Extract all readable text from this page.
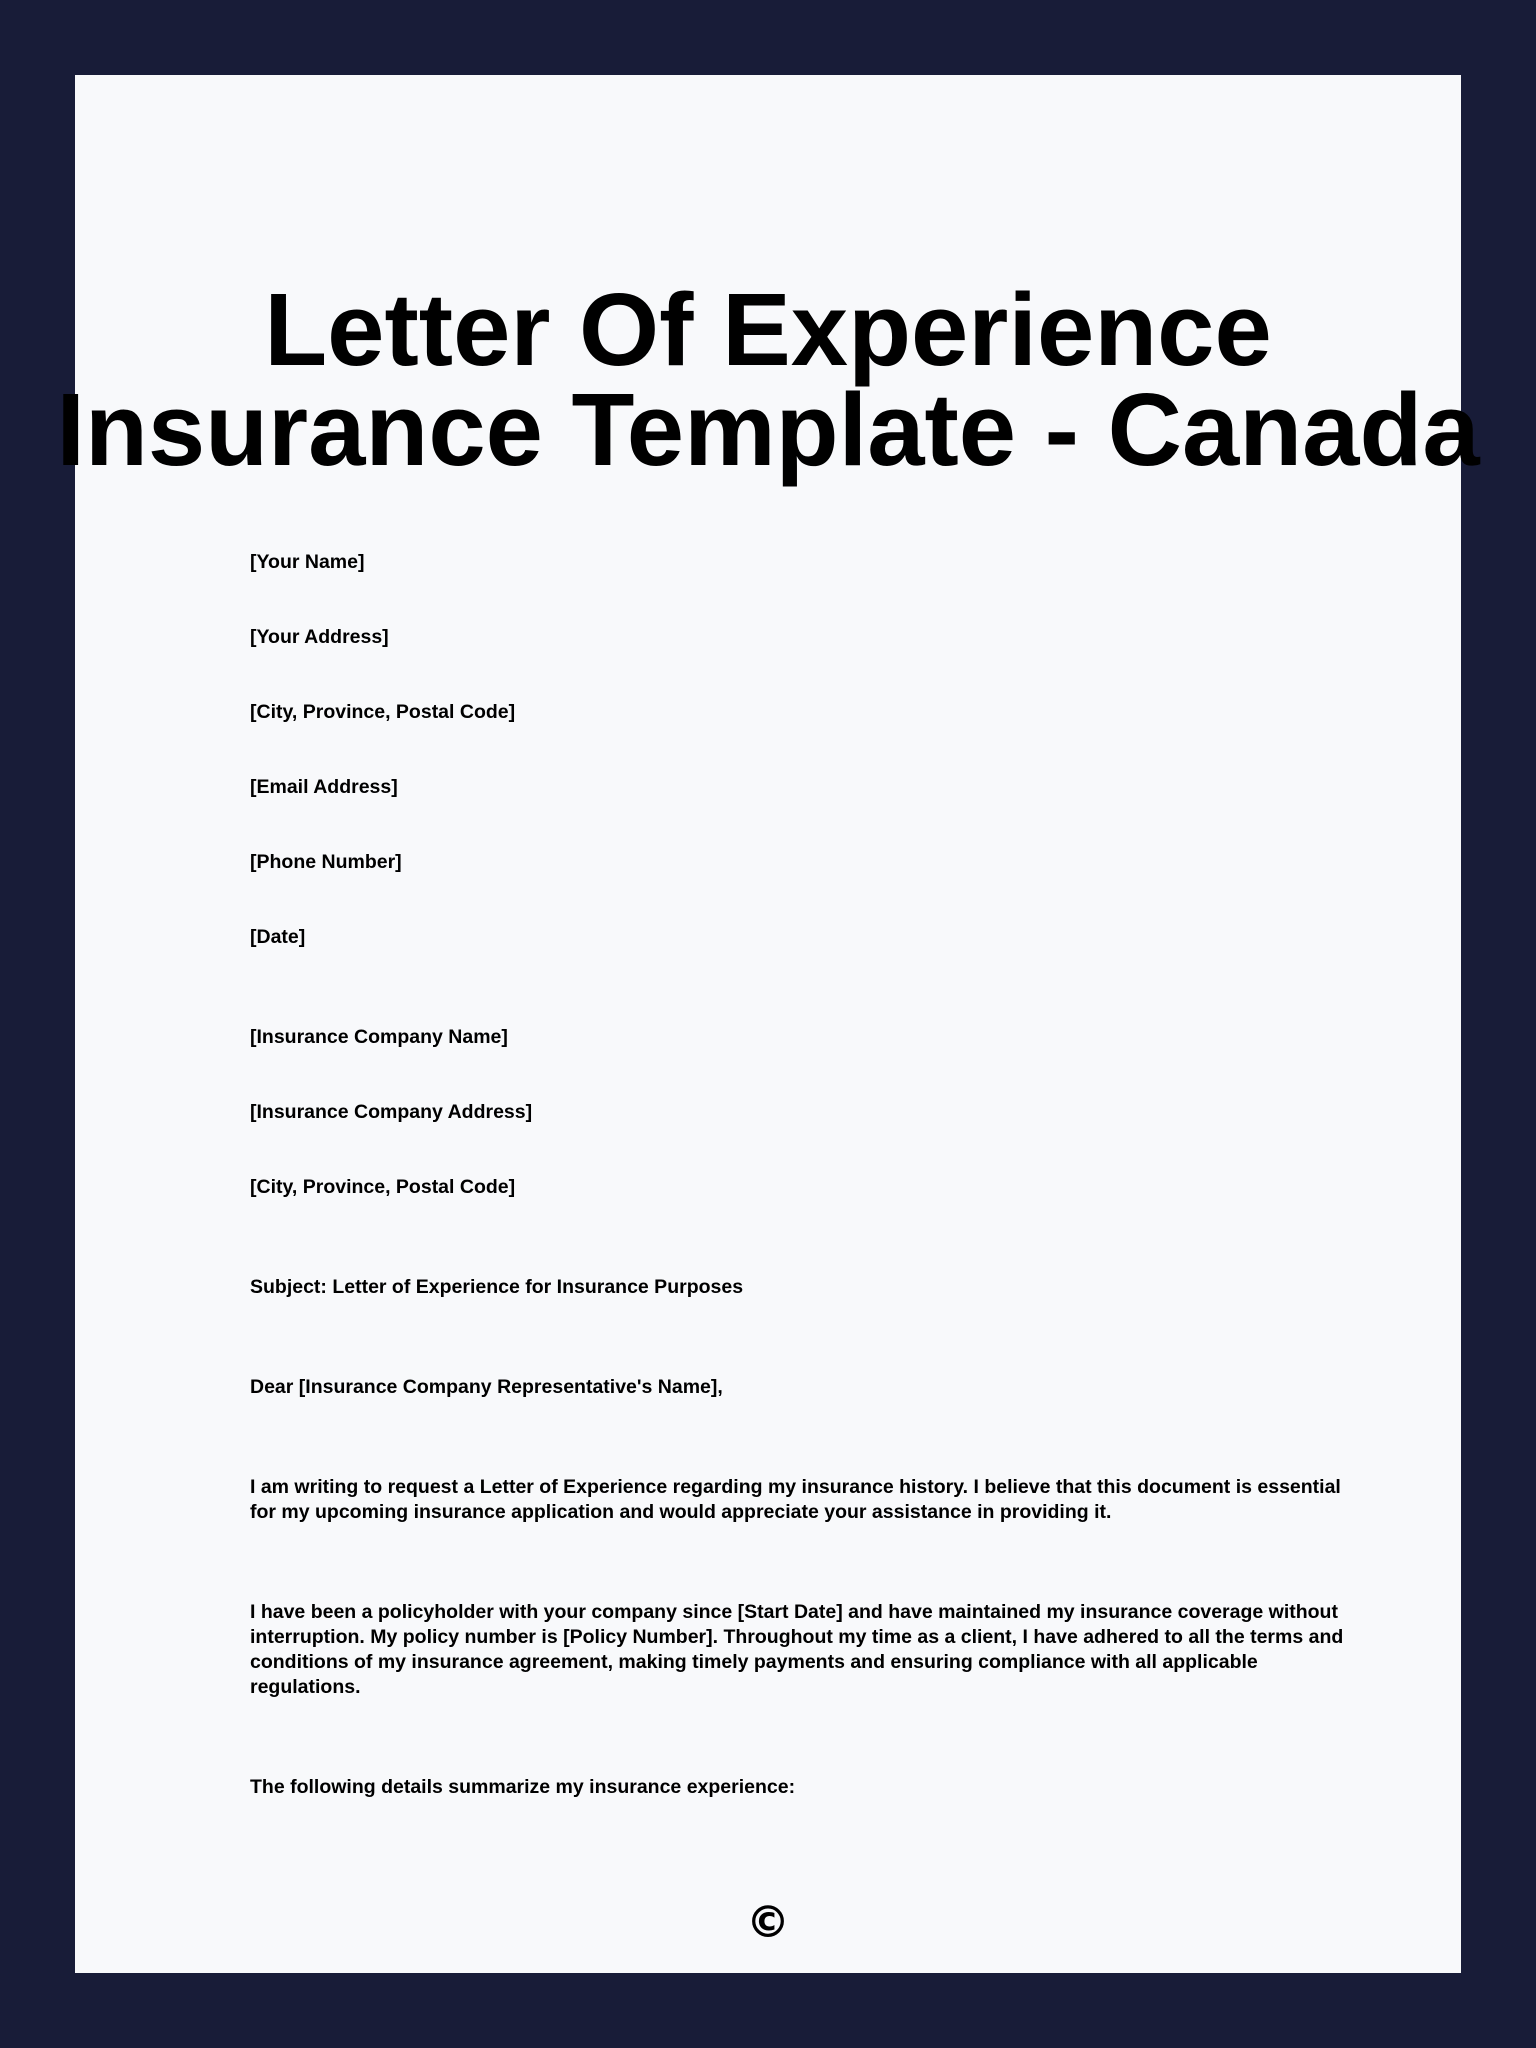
Letter Of Experience
Insurance Template - Canada

[Your Name]

[Your Address]

[City, Province, Postal Code]

[Email Address]

[Phone Number]

[Date]

[Insurance Company Name]

[Insurance Company Address]

[City, Province, Postal Code]

Subject: Letter of Experience for Insurance Purposes

Dear [Insurance Company Representative's Name],

I am writing to request a Letter of Experience regarding my insurance history. I believe that this document is essential for my upcoming insurance application and would appreciate your assistance in providing it.

I have been a policyholder with your company since [Start Date] and have maintained my insurance coverage without interruption. My policy number is [Policy Number]. Throughout my time as a client, I have adhered to all the terms and conditions of my insurance agreement, making timely payments and ensuring compliance with all applicable regulations.

The following details summarize my insurance experience:

©
